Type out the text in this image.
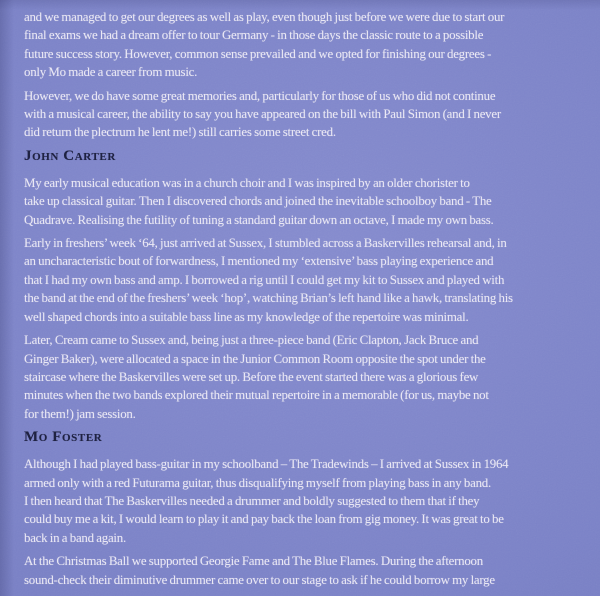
and we managed to get our degrees as well as play, even though just before we were due to start our
final exams we had a dream offer to tour Germany - in those days the classic route to a possible
future success story. However, common sense prevailed and we opted for finishing our degrees -
only Mo made a career from music.
However, we do have some great memories and, particularly for those of us who did not continue
with a musical career, the ability to say you have appeared on the bill with Paul Simon (and I never
did return the plectrum he lent me!) still carries some street cred.
John Carter
My early musical education was in a church choir and I was inspired by an older chorister to
take up classical guitar. Then I discovered chords and joined the inevitable schoolboy band - The
Quadrave. Realising the futility of tuning a standard guitar down an octave, I made my own bass.
Early in freshers’ week ‘64, just arrived at Sussex, I stumbled across a Baskervilles rehearsal and, in
an uncharacteristic bout of forwardness, I mentioned my ‘extensive’ bass playing experience and
that I had my own bass and amp. I borrowed a rig until I could get my kit to Sussex and played with
the band at the end of the freshers’ week ‘hop’, watching Brian’s left hand like a hawk, translating his
well shaped chords into a suitable bass line as my knowledge of the repertoire was minimal.
Later, Cream came to Sussex and, being just a three-piece band (Eric Clapton, Jack Bruce and
Ginger Baker), were allocated a space in the Junior Common Room opposite the spot under the
staircase where the Baskervilles were set up. Before the event started there was a glorious few
minutes when the two bands explored their mutual repertoire in a memorable (for us, maybe not
for them!) jam session.
Mo Foster
Although I had played bass-guitar in my schoolband – The Tradewinds – I arrived at Sussex in 1964
armed only with a red Futurama guitar, thus disqualifying myself from playing bass in any band.
I then heard that The Baskervilles needed a drummer and boldly suggested to them that if they
could buy me a kit, I would learn to play it and pay back the loan from gig money. It was great to be
back in a band again.
At the Christmas Ball we supported Georgie Fame and The Blue Flames. During the afternoon
sound-check their diminutive drummer came over to our stage to ask if he could borrow my large
